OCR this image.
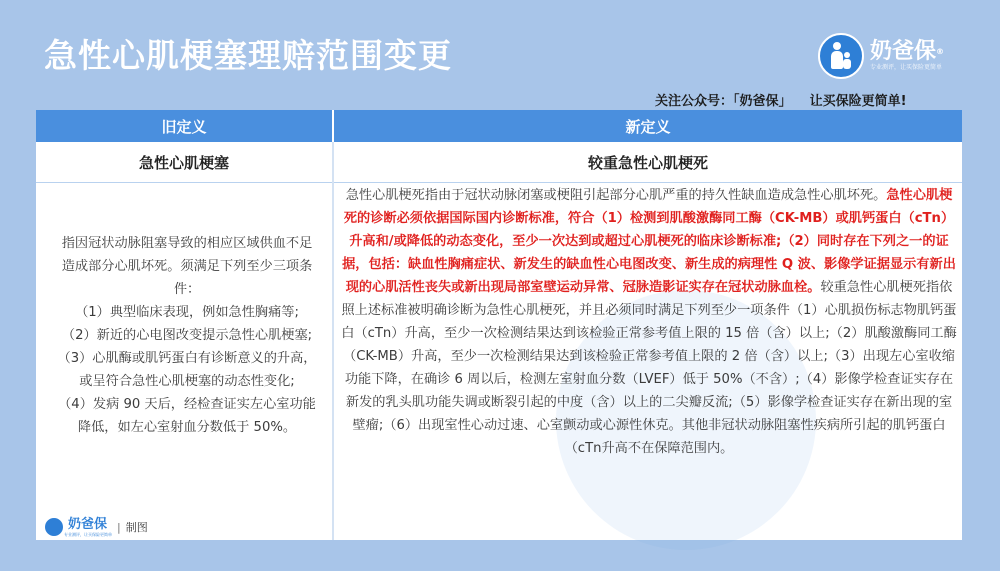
急性心肌梗塞理赔范围变更	奶爸保®
专业测评，让买保险更简单
关注公众号：「奶爸保」    让买保险更简单!
旧定义	新定义
急性心肌梗塞	较重急性心肌梗死
指因冠状动脉阻塞导致的相应区域供血不足
造成部分心肌坏死。须满足下列至少三项条
件：
（1）典型临床表现，例如急性胸痛等;
（2）新近的心电图改变提示急性心肌梗塞;
（3）心肌酶或肌钙蛋白有诊断意义的升高，
或呈符合急性心肌梗塞的动态性变化;
（4）发病 90 天后，经检查证实左心室功能
降低，如左心室射血分数低于 50%。
急性心肌梗死指由于冠状动脉闭塞或梗阻引起部分心肌严重的持久性缺血造成急性心肌坏死。急性心肌梗死的诊断必须依据国际国内诊断标准，符合（1）检测到肌酸激酶同工酶（CK-MB）或肌钙蛋白（cTn）升高和/或降低的动态变化，至少一次达到或超过心肌梗死的临床诊断标准;（2）同时存在下列之一的证据，包括：缺血性胸痛症状、新发生的缺血性心电图改变、新生成的病理性 Q 波、影像学证据显示有新出现的心肌活性丧失或新出现局部室壁运动异常、冠脉造影证实存在冠状动脉血栓。较重急性心肌梗死指依照上述标准被明确诊断为急性心肌梗死，并且必须同时满足下列至少一项条件（1）心肌损伤标志物肌钙蛋白（cTn）升高，至少一次检测结果达到该检验正常参考值上限的 15 倍（含）以上;（2）肌酸激酶同工酶（CK-MB）升高，至少一次检测结果达到该检验正常参考值上限的 2 倍（含）以上;（3）出现左心室收缩功能下降，在确诊 6 周以后，检测左室射血分数（LVEF）低于 50%（不含）;（4）影像学检查证实存在新发的乳头肌功能失调或断裂引起的中度（含）以上的二尖瓣反流;（5）影像学检查证实存在新出现的室壁瘤;（6）出现室性心动过速、心室颤动或心源性休克。其他非冠状动脉阻塞性疾病所引起的肌钙蛋白（cTn升高不在保障范围内。
奶爸保
专业测评，让买保险更简单
| 制图
